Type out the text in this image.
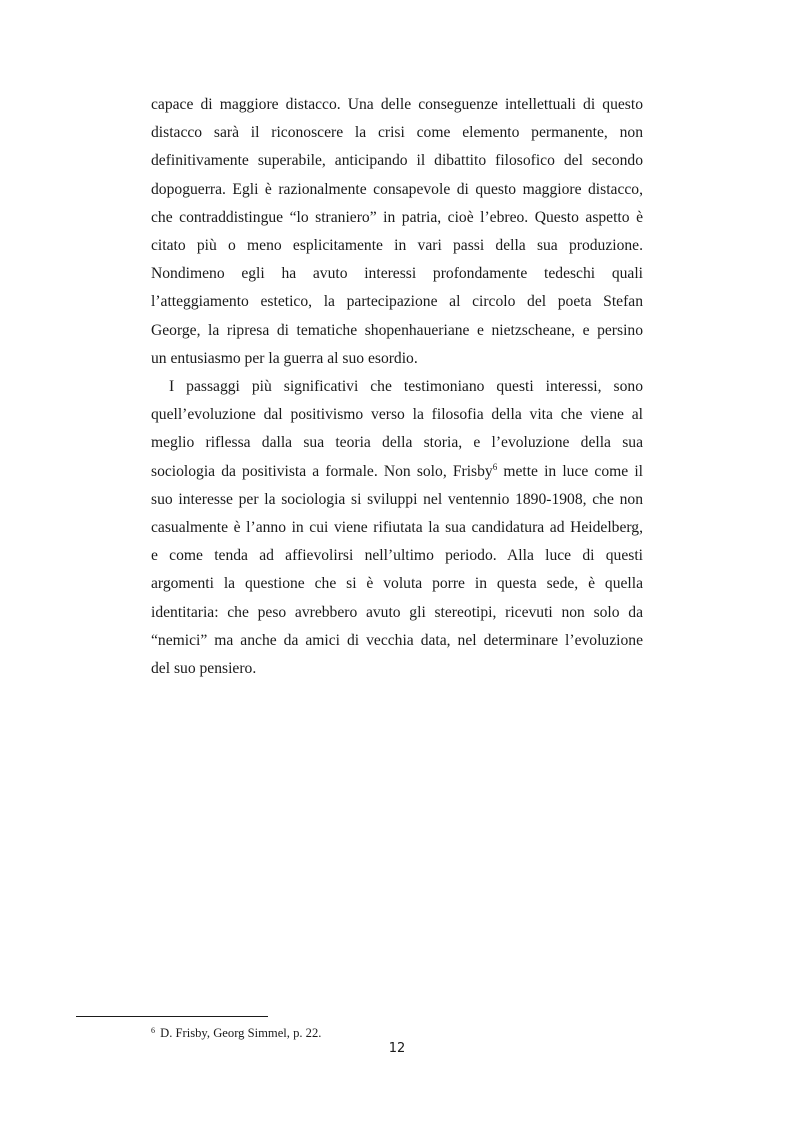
capace di maggiore distacco. Una delle conseguenze intellettuali di questo
distacco sarà il riconoscere la crisi come elemento permanente, non
definitivamente superabile, anticipando il dibattito filosofico del secondo
dopoguerra. Egli è razionalmente consapevole di questo maggiore distacco,
che contraddistingue “lo straniero” in patria, cioè l’ebreo. Questo aspetto è
citato più o meno esplicitamente in vari passi della sua produzione.
Nondimeno egli ha avuto interessi profondamente tedeschi quali
l’atteggiamento estetico, la partecipazione al circolo del poeta Stefan
George, la ripresa di tematiche shopenhaueriane e nietzscheane, e persino
un entusiasmo per la guerra al suo esordio.

I passaggi più significativi che testimoniano questi interessi, sono
quell’evoluzione dal positivismo verso la filosofia della vita che viene al
meglio riflessa dalla sua teoria della storia, e l’evoluzione della sua
sociologia da positivista a formale. Non solo, Frisby$^6$ mette in luce come il
suo interesse per la sociologia si sviluppi nel ventennio 1890-1908, che non
casualmente è l’anno in cui viene rifiutata la sua candidatura ad Heidelberg,
e come tenda ad affievolirsi nell’ultimo periodo. Alla luce di questi
argomenti la questione che si è voluta porre in questa sede, è quella
identitaria: che peso avrebbero avuto gli stereotipi, ricevuti non solo da
“nemici” ma anche da amici di vecchia data, nel determinare l’evoluzione
del suo pensiero.

$^6$ D. Frisby, Georg Simmel, p. 22.
12
